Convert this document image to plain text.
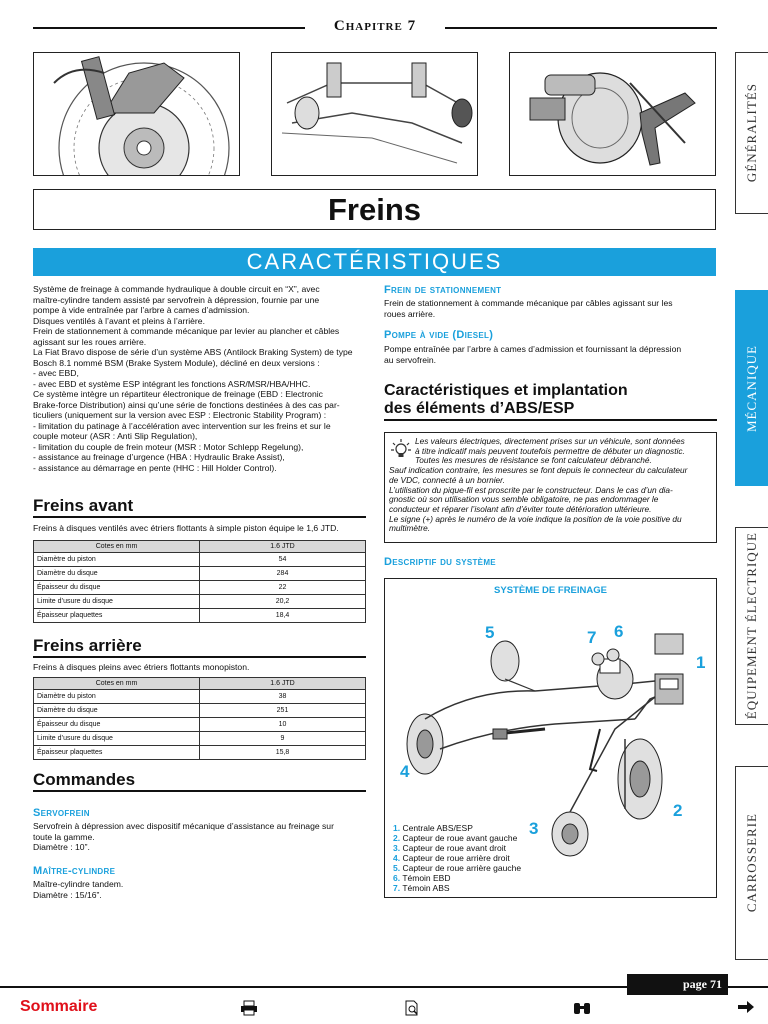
Chapitre 7
Freins
CARACTÉRISTIQUES
GÉNÉRALITÉS
MÉCANIQUE
ÉQUIPEMENT ÉLECTRIQUE
CARROSSERIE

Système de freinage à commande hydraulique à double circuit en “X”, avec

maître-cylindre tandem assisté par servofrein à dépression, fournie par une

pompe à vide entraînée par l’arbre à cames d’admission.

Disques ventilés à l’avant et pleins à l’arrière.

Frein de stationnement à commande mécanique par levier au plancher et câbles

agissant sur les roues arrière.

La Fiat Bravo dispose de série d’un système ABS (Antilock Braking System) de type

Bosch 8.1 nommé BSM (Brake System Module), décliné en deux versions :

- avec EBD,

- avec EBD et système ESP intégrant les fonctions ASR/MSR/HBA/HHC.

Ce système intègre un répartiteur électronique de freinage (EBD : Electronic

Brake-force Distribution) ainsi qu’une série de fonctions destinées à des cas par-

ticuliers (uniquement sur la version avec ESP : Electronic Stability Program) :

- limitation du patinage à l’accélération avec intervention sur les freins et sur le

couple moteur (ASR : Anti Slip Regulation),

- limitation du couple de frein moteur (MSR : Motor Schlepp Regelung),

- assistance au freinage d’urgence (HBA : Hydraulic Brake Assist),

- assistance au démarrage en pente (HHC : Hill Holder Control).

Freins avant
Freins à disques ventilés avec étriers flottants à simple piston équipe le 1,6 JTD.
Cotes en mm	1.6 JTD
Diamètre du piston	54
Diamètre du disque	284
Épaisseur du disque	22
Limite d’usure du disque	20,2
Épaisseur plaquettes	18,4
Freins arrière
Freins à disques pleins avec étriers flottants monopiston.
Cotes en mm	1.6 JTD
Diamètre du piston	38
Diamètre du disque	251
Épaisseur du disque	10
Limite d’usure du disque	9
Épaisseur plaquettes	15,8
Commandes
Servofrein

Servofrein à dépression avec dispositif mécanique d’assistance au freinage sur

toute la gamme.

Diamètre : 10”.

Maître-cylindre

Maître-cylindre tandem.

Diamètre : 15/16”.

Frein de stationnement

Frein de stationnement à commande mécanique par câbles agissant sur les

roues arrière.

Pompe à vide (Diesel)

Pompe entraînée par l’arbre à cames d’admission et fournissant la dépression

au servofrein.

Caractéristiques et implantation
des éléments d’ABS/ESP

Les valeurs électriques, directement prises sur un véhicule, sont données

à titre indicatif mais peuvent toutefois permettre de débuter un diagnostic.

Toutes les mesures de résistance se font calculateur débranché.

Sauf indication contraire, les mesures se font depuis le connecteur du calculateur

de VDC, connecté à un bornier.

L’utilisation du pique-fil est proscrite par le constructeur. Dans le cas d’un dia-

gnostic où son utilisation vous semble obligatoire, ne pas endommager le

conducteur et réparer l’isolant afin d’éviter toute détérioration ultérieure.

Le signe (+) après le numéro de la voie indique la position de la voie positive du

multimètre.

Descriptif du système
SYSTÈME DE FREINAGE
5	7 6
1
4
2
3
1. Centrale ABS/ESP
2. Capteur de roue avant gauche
3. Capteur de roue avant droit
4. Capteur de roue arrière droit
5. Capteur de roue arrière gauche
6. Témoin EBD
7. Témoin ABS
page 71
Sommaire
